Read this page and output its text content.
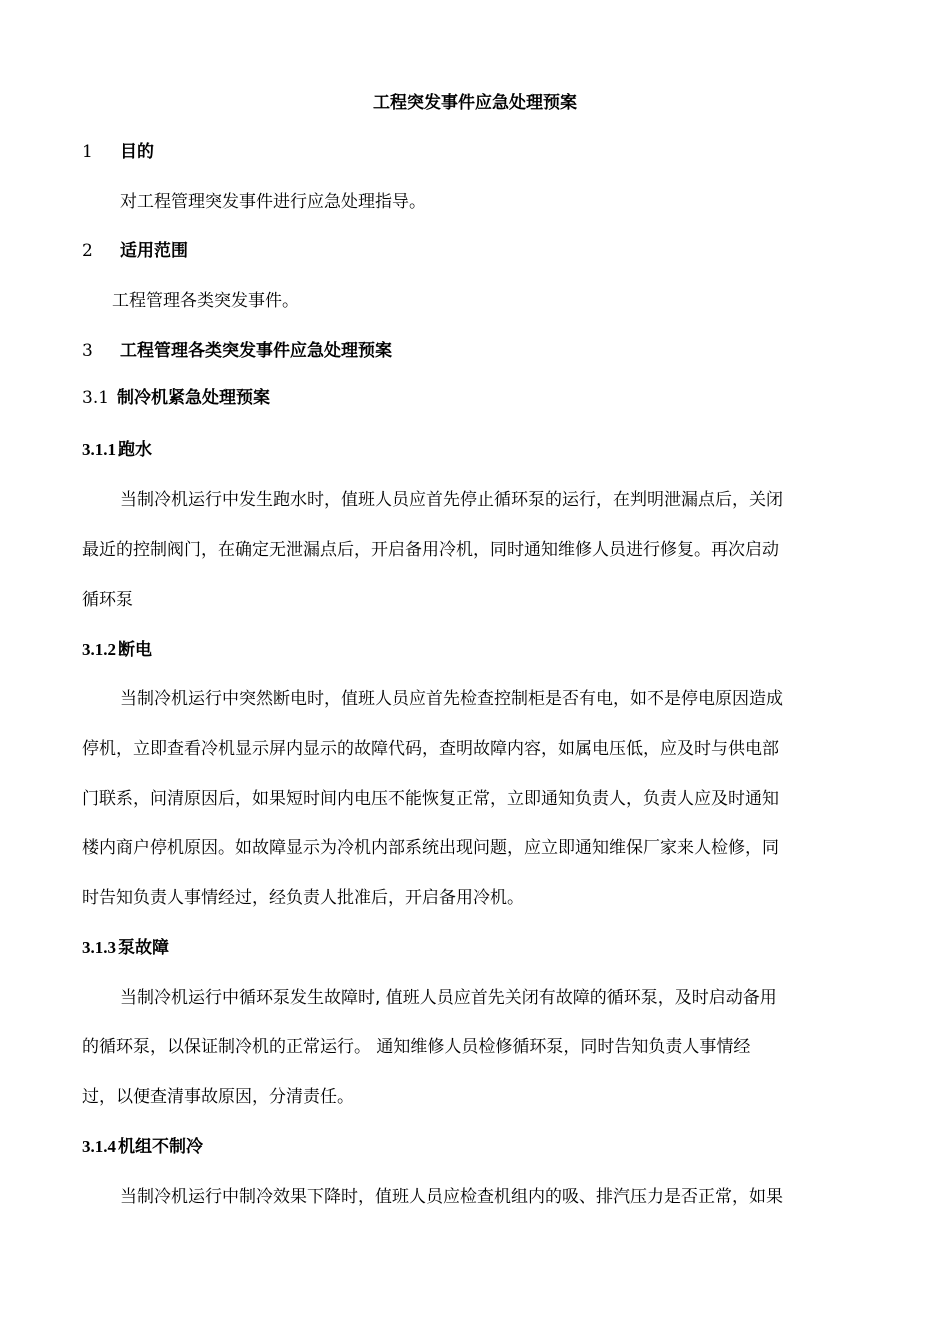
工程突发事件应急处理预案
1 目的
对工程管理突发事件进行应急处理指导。
2 适用范围
工程管理各类突发事件。
3 工程管理各类突发事件应急处理预案
3.1 制冷机紧急处理预案
3.1.1 跑水
当制冷机运行中发生跑水时，值班人员应首先停止循环泵的运行，在判明泄漏点后，关闭
最近的控制阀门，在确定无泄漏点后，开启备用冷机，同时通知维修人员进行修复。再次启动
循环泵
3.1.2 断电
当制冷机运行中突然断电时，值班人员应首先检查控制柜是否有电，如不是停电原因造成
停机，立即查看冷机显示屏内显示的故障代码，查明故障内容，如属电压低，应及时与供电部
门联系，问清原因后，如果短时间内电压不能恢复正常，立即通知负责人，负责人应及时通知
楼内商户停机原因。如故障显示为冷机内部系统出现问题，应立即通知维保厂家来人检修，同
时告知负责人事情经过，经负责人批准后，开启备用冷机。
3.1.3 泵故障
当制冷机运行中循环泵发生故障时, 值班人员应首先关闭有故障的循环泵，及时启动备用
的循环泵，以保证制冷机的正常运行。 通知维修人员检修循环泵，同时告知负责人事情经
过，以便查清事故原因，分清责任。
3.1.4 机组不制冷
当制冷机运行中制冷效果下降时，值班人员应检查机组内的吸、排汽压力是否正常，如果
